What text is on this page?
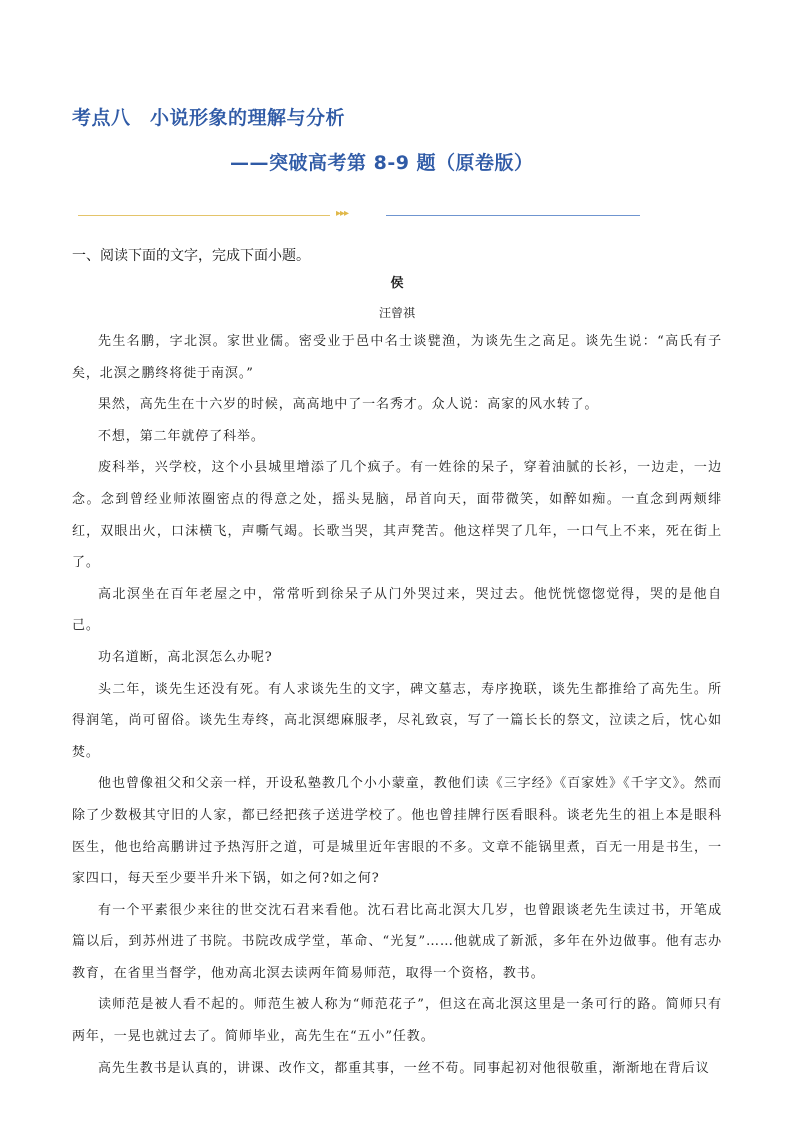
考点八　小说形象的理解与分析
——突破高考第 8-9 题（原卷版）
▸▸▸
一、阅读下面的文字，完成下面小题。
侯
汪曾祺

先生名鹏，字北溟。家世业儒。密受业于邑中名士谈甓渔，为谈先生之高足。谈先生说：“高氏有子矣，北溟之鹏终将徙于南溟。”

果然，高先生在十六岁的时候，高高地中了一名秀才。众人说：高家的风水转了。

不想，第二年就停了科举。

废科举，兴学校，这个小县城里增添了几个疯子。有一姓徐的呆子，穿着油腻的长衫，一边走，一边念。念到曾经业师浓圈密点的得意之处，摇头晃脑，昂首向天，面带微笑，如醉如痴。一直念到两颊绯红，双眼出火，口沫横飞，声嘶气竭。长歌当哭，其声凳苦。他这样哭了几年，一口气上不来，死在街上了。

高北溟坐在百年老屋之中，常常听到徐呆子从门外哭过来，哭过去。他恍恍惚惚觉得，哭的是他自己。

功名道断，高北溟怎么办呢?

头二年，谈先生还没有死。有人求谈先生的文字，碑文墓志，寿序挽联，谈先生都推给了高先生。所得润笔，尚可留俗。谈先生寿终，高北溟缌麻服孝，尽礼致哀，写了一篇长长的祭文，泣读之后，忱心如焚。

他也曾像祖父和父亲一样，开设私塾教几个小小蒙童，教他们读《三字经》《百家姓》《千字文》。然而除了少数极其守旧的人家，都已经把孩子送进学校了。他也曾挂牌行医看眼科。谈老先生的祖上本是眼科医生，他也给高鹏讲过予热泻肝之道，可是城里近年害眼的不多。文章不能锅里煮，百无一用是书生，一家四口，每天至少要半升米下锅，如之何?如之何?

有一个平素很少来往的世交沈石君来看他。沈石君比高北溟大几岁，也曾跟谈老先生读过书，开笔成篇以后，到苏州进了书院。书院改成学堂，革命、“光复”……他就成了新派，多年在外边做事。他有志办教育，在省里当督学，他劝高北溟去读两年简易师范，取得一个资格，教书。

读师范是被人看不起的。师范生被人称为“师范花子”，但这在高北溟这里是一条可行的路。简师只有两年，一晃也就过去了。简师毕业，高先生在“五小”任教。

高先生教书是认真的，讲课、改作文，都重其事，一丝不苟。同事起初对他很敬重，渐渐地在背后议
